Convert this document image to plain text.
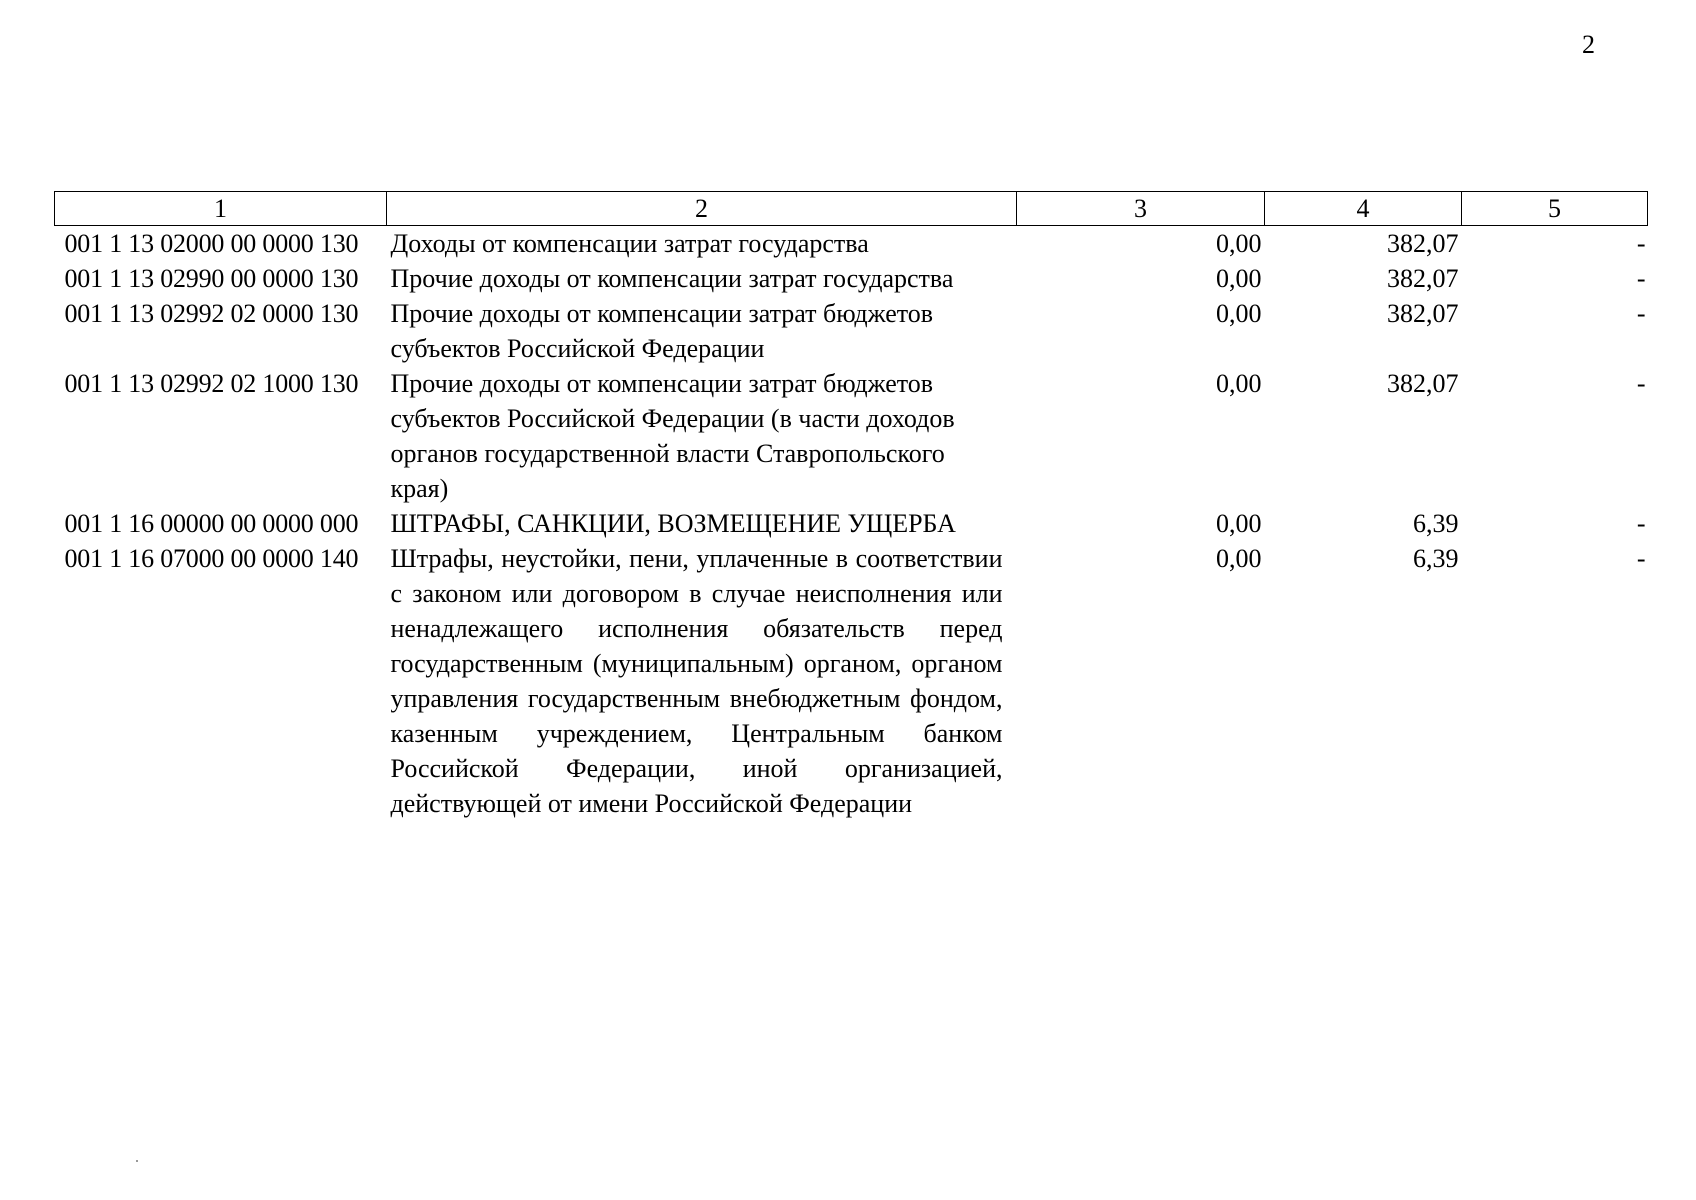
2
1	2	3	4	5
001 1 13 02000 00 0000 130	Доходы от компенсации затрат государства	0,00	382,07	-
001 1 13 02990 00 0000 130	Прочие доходы от компенсации затрат государства	0,00	382,07	-
001 1 13 02992 02 0000 130	Прочие доходы от компенсации затрат бюджетов субъектов Российской Федерации	0,00	382,07	-
001 1 13 02992 02 1000 130	Прочие доходы от компенсации затрат бюджетов субъектов Российской Федерации (в части доходов органов государственной власти Ставропольского края)	0,00	382,07	-
001 1 16 00000 00 0000 000	ШТРАФЫ, САНКЦИИ, ВОЗМЕЩЕНИЕ УЩЕРБА	0,00	6,39	-
001 1 16 07000 00 0000 140	Штрафы, неустойки, пени, уплаченные в соответствии с законом или договором в случае неисполнения или ненадлежащего исполнения обязательств перед государственным (муниципальным) органом, органом управления государственным внебюджетным фондом, казенным учреждением, Центральным банком Российской Федерации, иной организацией, действующей от имени Российской Федерации	0,00	6,39	-
